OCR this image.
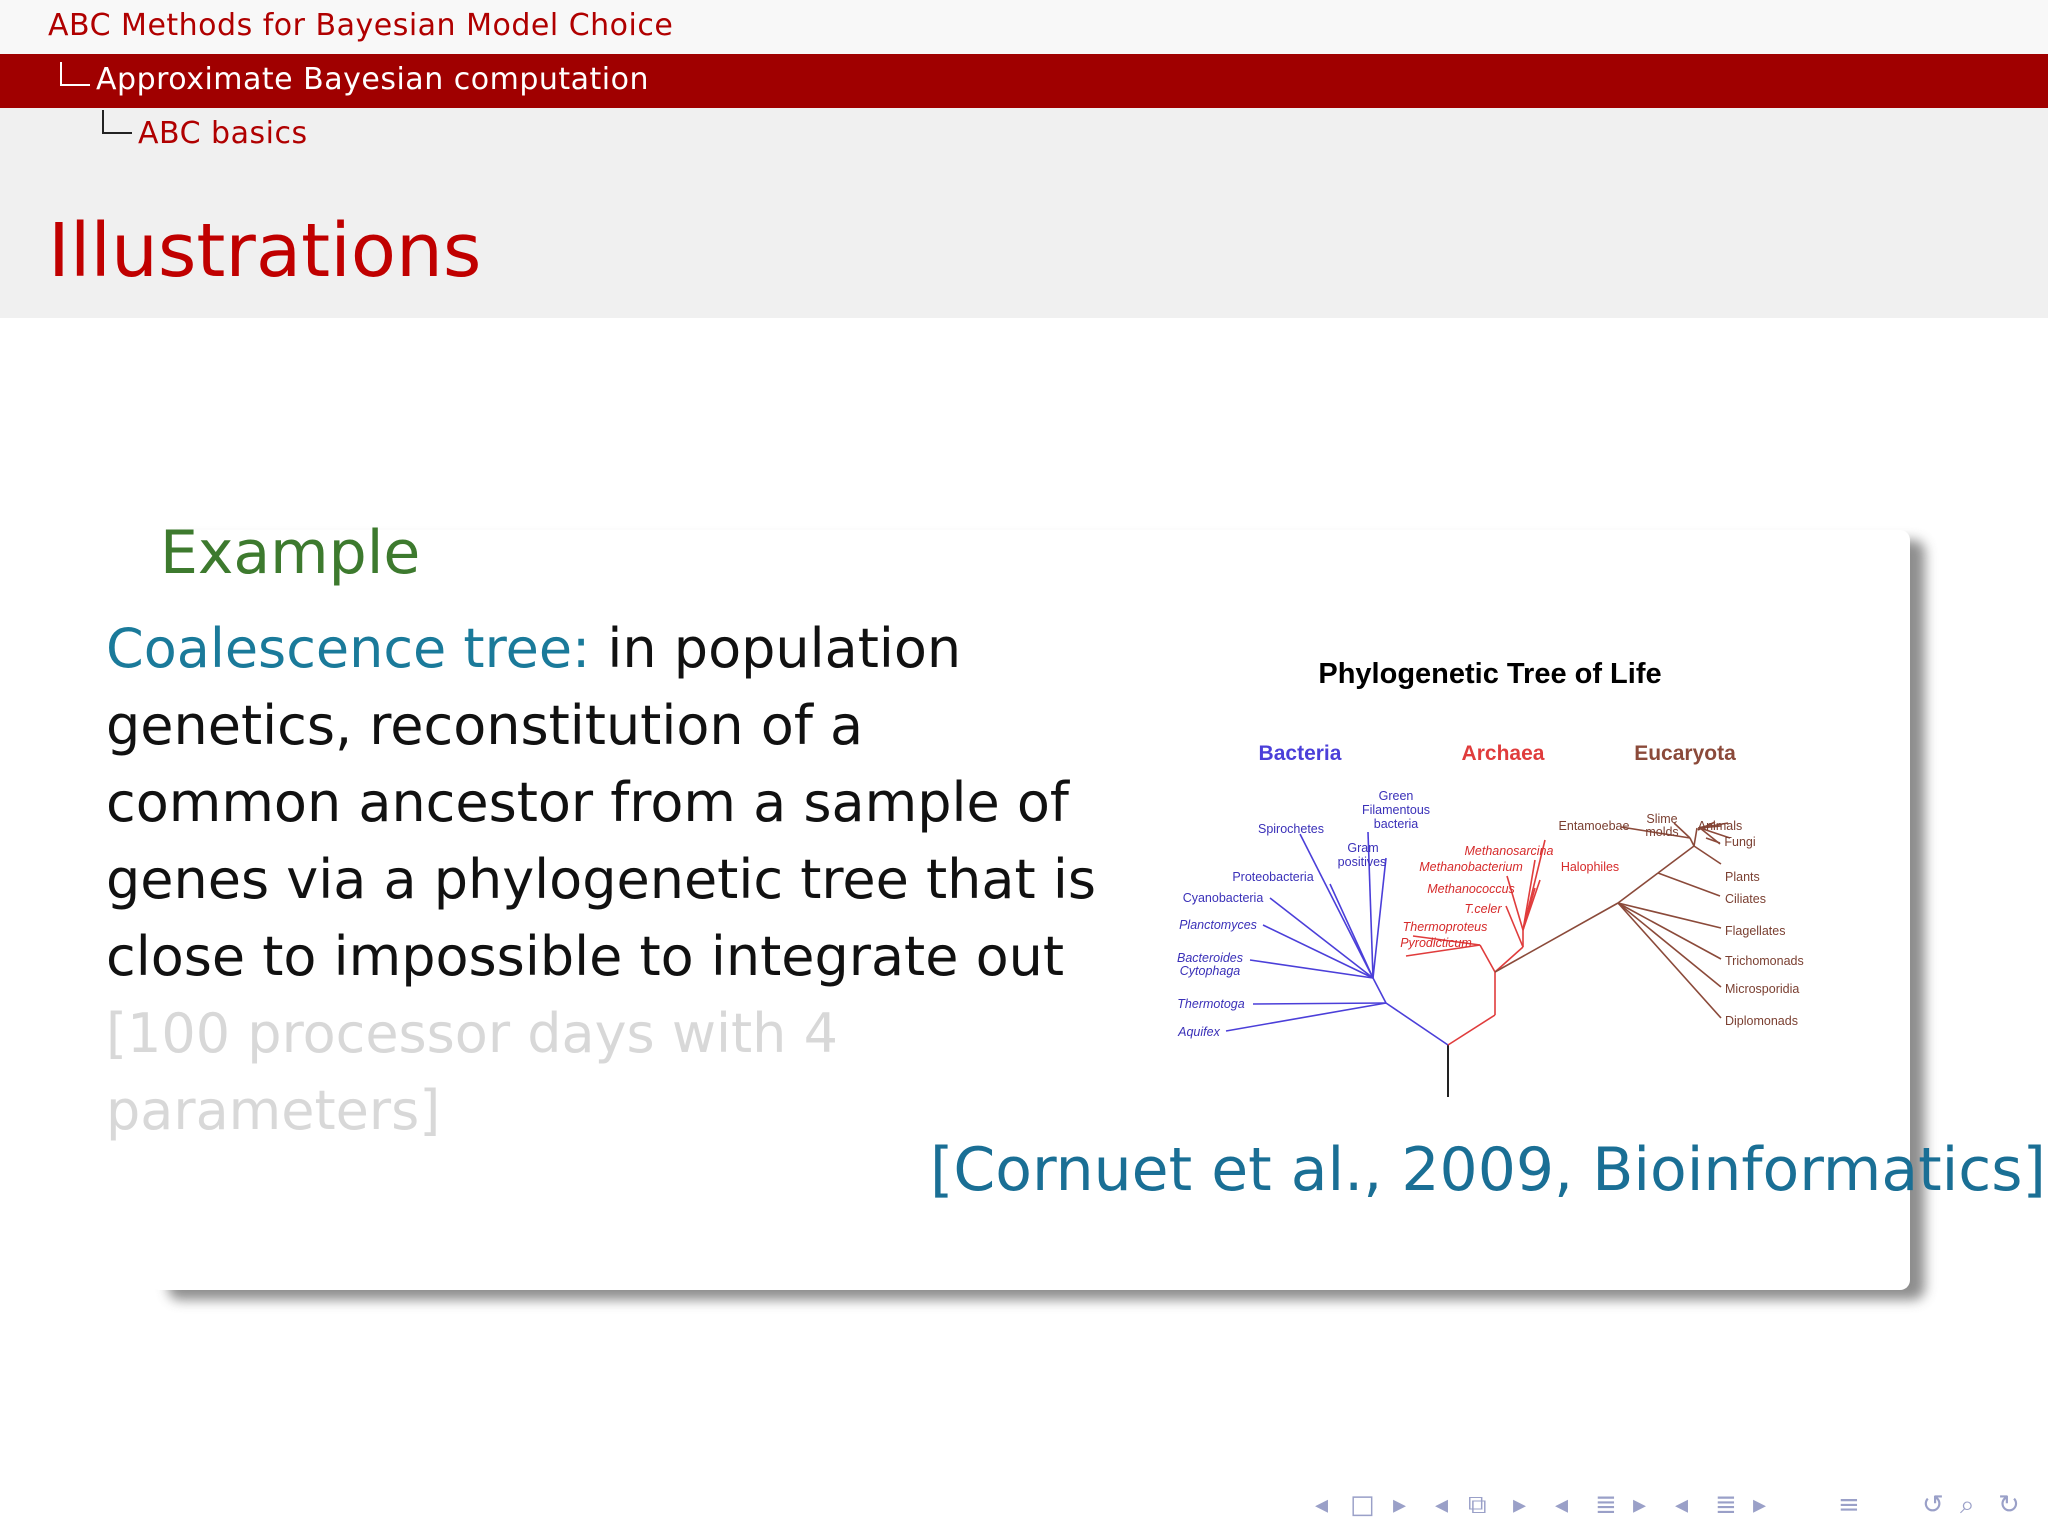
ABC Methods for Bayesian Model Choice
Approximate Bayesian computation
ABC basics
Illustrations
Example
Coalescence tree: in population genetics, reconstitution of a common ancestor from a sample of genes via a phylogenetic tree that is close to impossible to integrate out
[100 processor days with 4 parameters]
Phylogenetic Tree of Life
Bacteria	Archaea	Eucaryota
Green
Filamentous
bacteria
Spirochetes
Gram
positives
Proteobacteria
Cyanobacteria
Planctomyces
Bacteroides
Cytophaga
Thermotoga
Aquifex
Methanosarcina
Methanobacterium	Halophiles
Methanococcus
T.celer
Thermoproteus
Pyrodicticum
Entamoebae Slime
molds Animals
Fungi
Plants
Ciliates
Flagellates
Trichomonads
Microsporidia
Diplomonads
[Cornuet et al., 2009, Bioinformatics]
◂ □ ▸ ◂ ⧉ ▸ ◂ ≣ ▸ ◂ ≣ ▸	≡ ↺ ⌕ ↻
